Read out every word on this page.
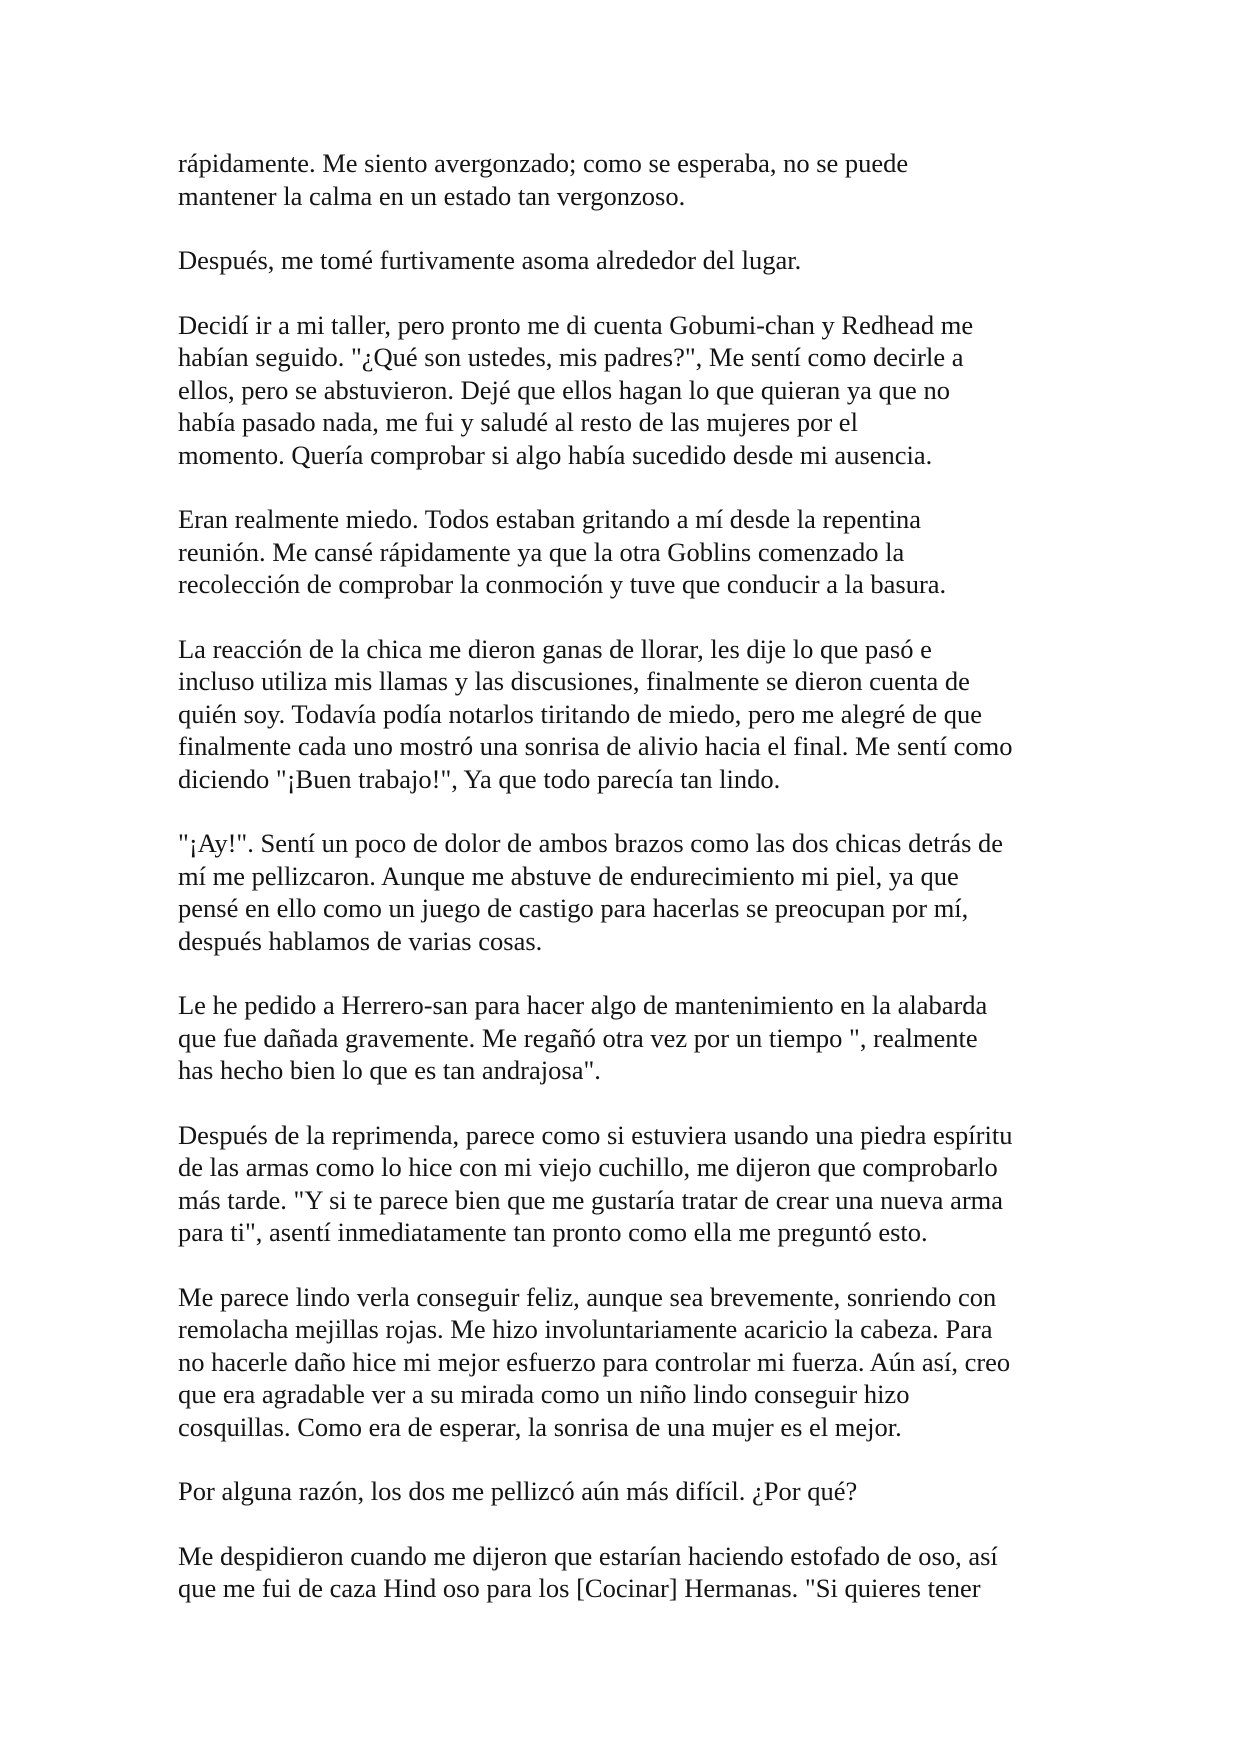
rápidamente. Me siento avergonzado; como se esperaba, no se puede
mantener la calma en un estado tan vergonzoso.

Después, me tomé furtivamente asoma alrededor del lugar.

Decidí ir a mi taller, pero pronto me di cuenta Gobumi-chan y Redhead me
habían seguido. "¿Qué son ustedes, mis padres?", Me sentí como decirle a
ellos, pero se abstuvieron. Dejé que ellos hagan lo que quieran ya que no
había pasado nada, me fui y saludé al resto de las mujeres por el
momento. Quería comprobar si algo había sucedido desde mi ausencia.

Eran realmente miedo. Todos estaban gritando a mí desde la repentina
reunión. Me cansé rápidamente ya que la otra Goblins comenzado la
recolección de comprobar la conmoción y tuve que conducir a la basura.

La reacción de la chica me dieron ganas de llorar, les dije lo que pasó e
incluso utiliza mis llamas y las discusiones, finalmente se dieron cuenta de
quién soy. Todavía podía notarlos tiritando de miedo, pero me alegré de que
finalmente cada uno mostró una sonrisa de alivio hacia el final. Me sentí como
diciendo "¡Buen trabajo!", Ya que todo parecía tan lindo.

"¡Ay!". Sentí un poco de dolor de ambos brazos como las dos chicas detrás de
mí me pellizcaron. Aunque me abstuve de endurecimiento mi piel, ya que
pensé en ello como un juego de castigo para hacerlas se preocupan por mí,
después hablamos de varias cosas.

Le he pedido a Herrero-san para hacer algo de mantenimiento en la alabarda
que fue dañada gravemente. Me regañó otra vez por un tiempo ", realmente
has hecho bien lo que es tan andrajosa".

Después de la reprimenda, parece como si estuviera usando una piedra espíritu
de las armas como lo hice con mi viejo cuchillo, me dijeron que comprobarlo
más tarde. "Y si te parece bien que me gustaría tratar de crear una nueva arma
para ti", asentí inmediatamente tan pronto como ella me preguntó esto.

Me parece lindo verla conseguir feliz, aunque sea brevemente, sonriendo con
remolacha mejillas rojas. Me hizo involuntariamente acaricio la cabeza. Para
no hacerle daño hice mi mejor esfuerzo para controlar mi fuerza. Aún así, creo
que era agradable ver a su mirada como un niño lindo conseguir hizo
cosquillas. Como era de esperar, la sonrisa de una mujer es el mejor.

Por alguna razón, los dos me pellizcó aún más difícil. ¿Por qué?

Me despidieron cuando me dijeron que estarían haciendo estofado de oso, así
que me fui de caza Hind oso para los [Cocinar] Hermanas. "Si quieres tener
